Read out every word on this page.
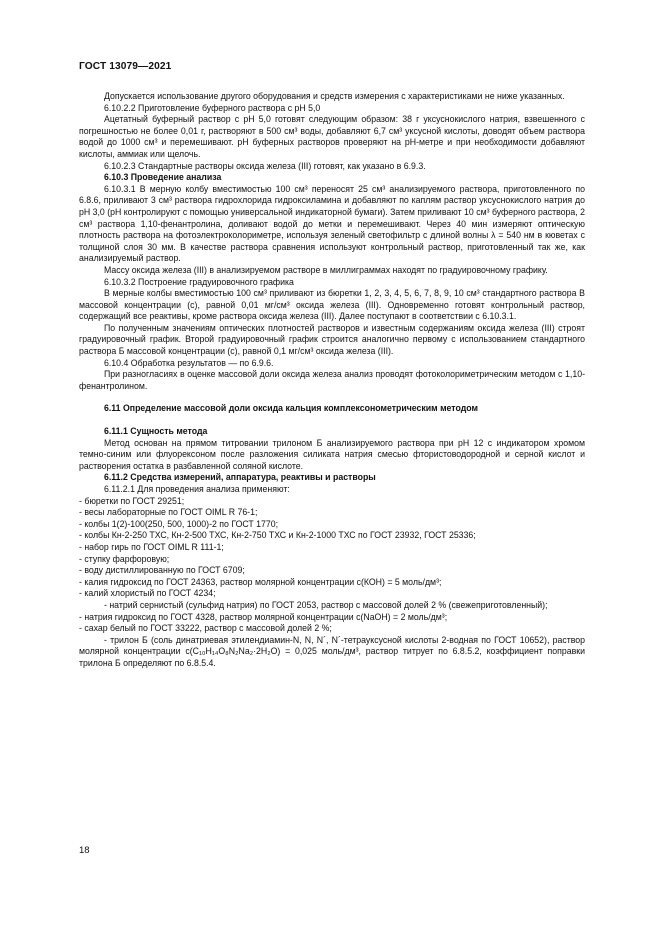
ГОСТ 13079—2021

Допускается использование другого оборудования и средств измерения с характеристиками не ниже указанных.

6.10.2.2 Приготовление буферного раствора с рН 5,0

Ацетатный буферный раствор с рН 5,0 готовят следующим образом: 38 г уксуснокислого натрия, взвешенного с погрешностью не более 0,01 г, растворяют в 500 см³ воды, добавляют 6,7 см³ уксусной кислоты, доводят объем раствора водой до 1000 см³ и перемешивают. рН буферных растворов проверяют на рН-метре и при необходимости добавляют кислоты, аммиак или щелочь.

6.10.2.3 Стандартные растворы оксида железа (III) готовят, как указано в 6.9.3.

6.10.3 Проведение анализа

6.10.3.1 В мерную колбу вместимостью 100 см³ переносят 25 см³ анализируемого раствора, приготовленного по 6.8.6, приливают 3 см³ раствора гидрохлорида гидроксиламина и добавляют по каплям раствор уксуснокислого натрия до рН 3,0 (рН контролируют с помощью универсальной индикаторной бумаги). Затем приливают 10 см³ буферного раствора, 2 см³ раствора 1,10-фенантролина, доливают водой до метки и перемешивают. Через 40 мин измеряют оптическую плотность раствора на фотоэлектроколориметре, используя зеленый светофильтр с длиной волны λ = 540 нм в кюветах с толщиной слоя 30 мм. В качестве раствора сравнения используют контрольный раствор, приготовленный так же, как анализируемый раствор.

Массу оксида железа (III) в анализируемом растворе в миллиграммах находят по градуировочному графику.

6.10.3.2 Построение градуировочного графика

В мерные колбы вместимостью 100 см³ приливают из бюретки 1, 2, 3, 4, 5, 6, 7, 8, 9, 10 см³ стандартного раствора В массовой концентрации (с), равной 0,01 мг/см³ оксида железа (III). Одновременно готовят контрольный раствор, содержащий все реактивы, кроме раствора оксида железа (III). Далее поступают в соответствии с 6.10.3.1.

По полученным значениям оптических плотностей растворов и известным содержаниям оксида железа (III) строят градуировочный график. Второй градуировочный график строится аналогично первому с использованием стандартного раствора Б массовой концентрации (с), равной 0,1 мг/см³ оксида железа (III).

6.10.4 Обработка результатов — по 6.9.6.

При разногласиях в оценке массовой доли оксида железа анализ проводят фотоколориметрическим методом с 1,10-фенантролином.

6.11 Определение массовой доли оксида кальция комплексонометрическим методом

6.11.1 Сущность метода

Метод основан на прямом титровании трилоном Б анализируемого раствора при рН 12 с индикатором хромом темно-синим или флуорексоном после разложения силиката натрия смесью фтористоводородной и серной кислот и растворения остатка в разбавленной соляной кислоте.

6.11.2 Средства измерений, аппаратура, реактивы и растворы

6.11.2.1 Для проведения анализа применяют:

- бюретки по ГОСТ 29251;

- весы лабораторные по ГОСТ OIML R 76-1;

- колбы 1(2)-100(250, 500, 1000)-2 по ГОСТ 1770;

- колбы Кн-2-250 ТХС, Кн-2-500 ТХС, Кн-2-750 ТХС и Кн-2-1000 ТХС по ГОСТ 23932, ГОСТ 25336;

- набор гирь по ГОСТ OIML R 111-1;

- ступку фарфоровую;

- воду дистиллированную по ГОСТ 6709;

- калия гидроксид по ГОСТ 24363, раствор молярной концентрации с(КОН) = 5 моль/дм³;

- калий хлористый по ГОСТ 4234;

- натрий сернистый (сульфид натрия) по ГОСТ 2053, раствор с массовой долей 2 % (свежеприготовленный);

- натрия гидроксид по ГОСТ 4328, раствор молярной концентрации с(NaOH) = 2 моль/дм³;

- сахар белый по ГОСТ 33222, раствор с массовой долей 2 %;

- трилон Б (соль динатриевая этилендиамин-N, N, N´, N´-тетрауксусной кислоты 2-водная по ГОСТ 10652), раствор молярной концентрации с(C₁₀H₁₄O₈N₂Na₂·2H₂O) = 0,025 моль/дм³, раствор титрует по 6.8.5.2, коэффициент поправки трилона Б определяют по 6.8.5.4.

18
